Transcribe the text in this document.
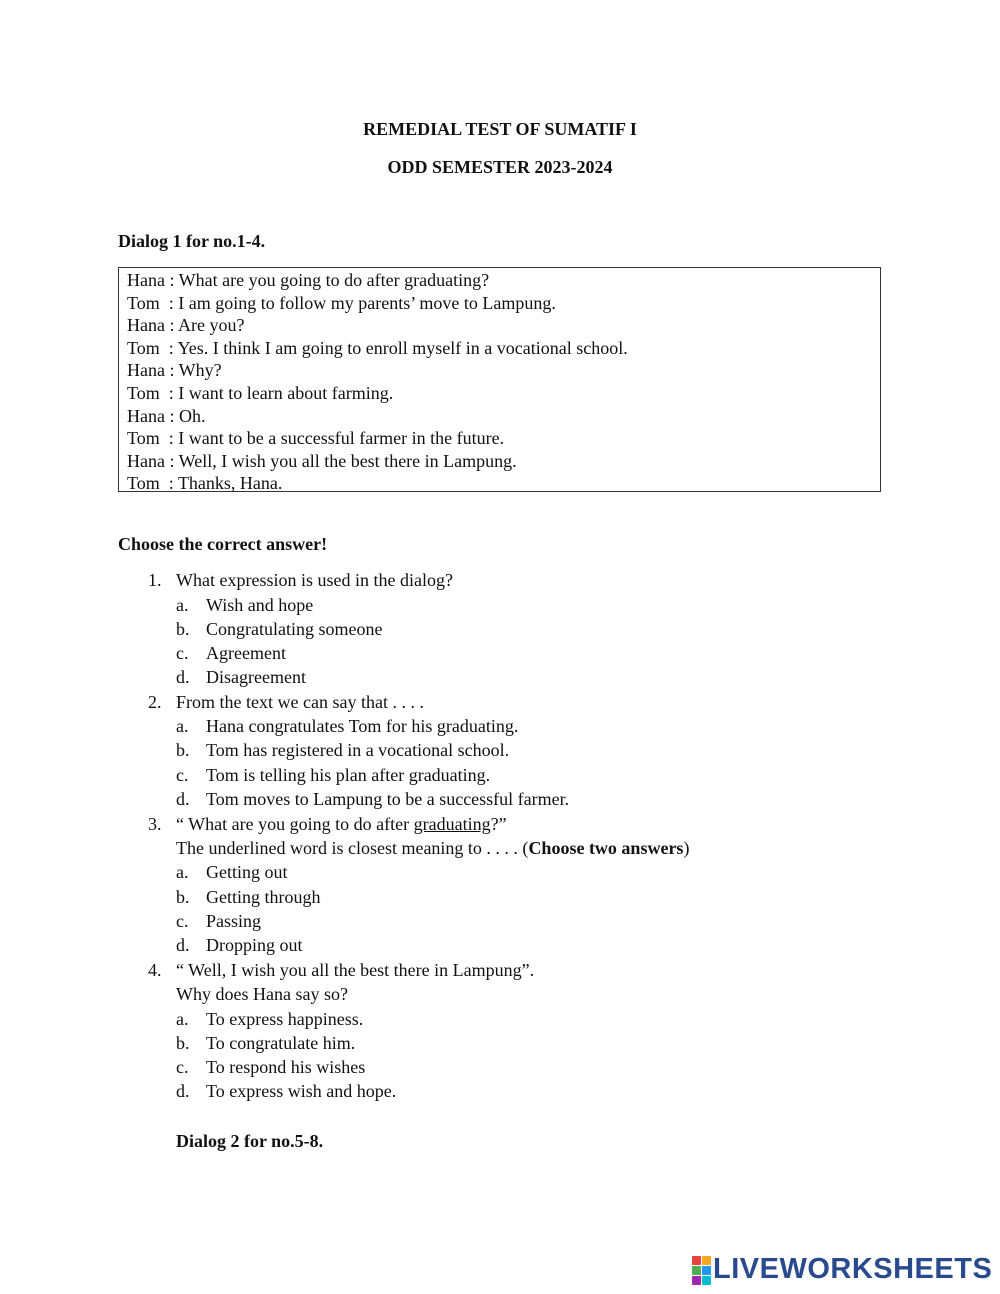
REMEDIAL TEST OF SUMATIF I
ODD SEMESTER 2023-2024
Dialog 1 for no.1-4.
Hana : What are you going to do after graduating?
Tom  : I am going to follow my parents’ move to Lampung.
Hana : Are you?
Tom  : Yes. I think I am going to enroll myself in a vocational school.
Hana : Why?
Tom  : I want to learn about farming.
Hana : Oh.
Tom  : I want to be a successful farmer in the future.
Hana : Well, I wish you all the best there in Lampung.
Tom  : Thanks, Hana.
Choose the correct answer!
1. What expression is used in the dialog?
a. Wish and hope
b. Congratulating someone
c. Agreement
d. Disagreement
2. From the text we can say that . . . .
a. Hana congratulates Tom for his graduating.
b. Tom has registered in a vocational school.
c. Tom is telling his plan after graduating.
d. Tom moves to Lampung to be a successful farmer.
3. “ What are you going to do after graduating?”
The underlined word is closest meaning to . . . . (Choose two answers)
a. Getting out
b. Getting through
c. Passing
d. Dropping out
4. “ Well, I wish you all the best there in Lampung”.
Why does Hana say so?
a. To express happiness.
b. To congratulate him.
c. To respond his wishes
d. To express wish and hope.
Dialog 2 for no.5-8.
LIVEWORKSHEETS
